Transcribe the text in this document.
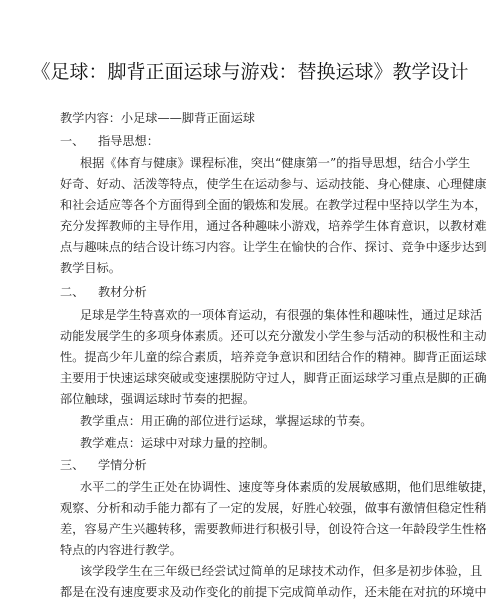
《足球：脚背正面运球与游戏：替换运球》教学设计
教学内容：小足球——脚背正面运球
一、 指导思想：
根据《体育与健康》课程标准，突出“健康第一”的指导思想，结合小学生
好奇、好动、活泼等特点，使学生在运动参与、运动技能、身心健康、心理健康
和社会适应等各个方面得到全面的锻炼和发展。在教学过程中坚持以学生为本，
充分发挥教师的主导作用，通过各种趣味小游戏，培养学生体育意识，以教材难
点与趣味点的结合设计练习内容。让学生在愉快的合作、探讨、竞争中逐步达到
教学目标。
二、 教材分析
足球是学生特喜欢的一项体育运动，有很强的集体性和趣味性，通过足球活
动能发展学生的多项身体素质。还可以充分激发小学生参与活动的积极性和主动
性。提高少年儿童的综合素质，培养竞争意识和团结合作的精神。脚背正面运球
主要用于快速运球突破或变速摆脱防守过人，脚背正面运球学习重点是脚的正确
部位触球，强调运球时节奏的把握。
教学重点：用正确的部位进行运球，掌握运球的节奏。
教学难点：运球中对球力量的控制。
三、 学情分析
水平二的学生正处在协调性、速度等身体素质的发展敏感期，他们思维敏捷，
观察、分析和动手能力都有了一定的发展，好胜心较强，做事有激情但稳定性稍
差，容易产生兴趣转移，需要教师进行积极引导，创设符合这一年龄段学生性格
特点的内容进行教学。
该学段学生在三年级已经尝试过简单的足球技术动作，但多是初步体验，且
都是在没有速度要求及动作变化的前提下完成简单动作，还未能在对抗的环境中
